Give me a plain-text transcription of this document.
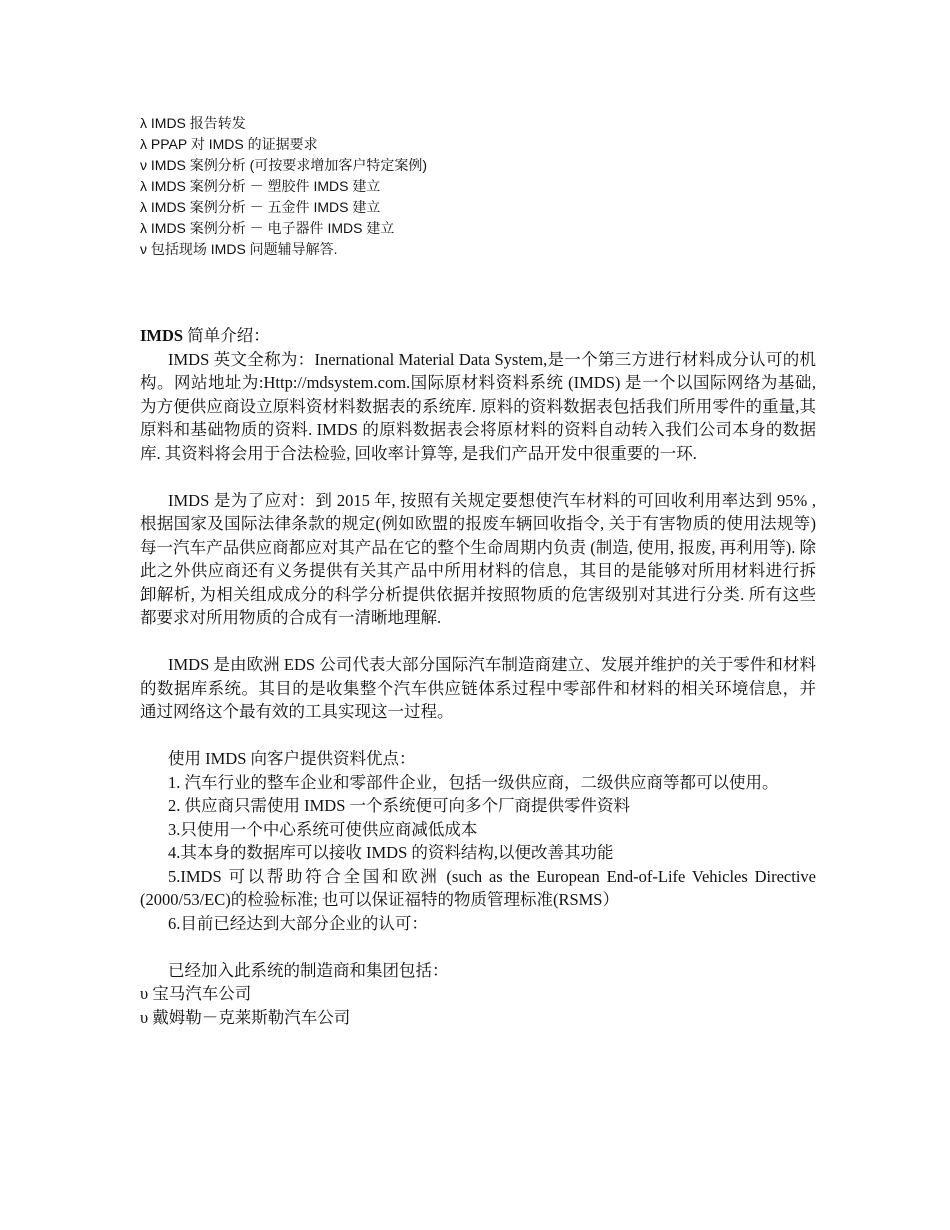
λ IMDS 报告转发
λ PPAP 对 IMDS 的证据要求
ν IMDS 案例分析 (可按要求增加客户特定案例)
λ IMDS 案例分析 － 塑胶件 IMDS 建立
λ IMDS 案例分析 － 五金件 IMDS 建立
λ IMDS 案例分析 － 电子器件 IMDS 建立
ν 包括现场 IMDS 问题辅导解答.

IMDS 简单介绍：

IMDS 英文全称为：Inernational Material Data System,是一个第三方进行材料成分认可的机构。网站地址为:Http://mdsystem.com.国际原材料资料系统 (IMDS) 是一个以国际网络为基础, 为方便供应商设立原料资材料数据表的系统库. 原料的资料数据表包括我们所用零件的重量,其原料和基础物质的资料. IMDS 的原料数据表会将原材料的资料自动转入我们公司本身的数据库. 其资料将会用于合法检验, 回收率计算等, 是我们产品开发中很重要的一环.

IMDS 是为了应对：到 2015 年, 按照有关规定要想使汽车材料的可回收利用率达到 95% ,根据国家及国际法律条款的规定(例如欧盟的报废车辆回收指令, 关于有害物质的使用法规等) 每一汽车产品供应商都应对其产品在它的整个生命周期内负责 (制造, 使用, 报废, 再利用等). 除此之外供应商还有义务提供有关其产品中所用材料的信息，其目的是能够对所用材料进行拆卸解析, 为相关组成成分的科学分析提供依据并按照物质的危害级别对其进行分类. 所有这些都要求对所用物质的合成有一清晰地理解.

IMDS 是由欧洲 EDS 公司代表大部分国际汽车制造商建立、发展并维护的关于零件和材料的数据库系统。其目的是收集整个汽车供应链体系过程中零部件和材料的相关环境信息，并通过网络这个最有效的工具实现这一过程。

使用 IMDS 向客户提供资料优点：

1. 汽车行业的整车企业和零部件企业，包括一级供应商，二级供应商等都可以使用。

2. 供应商只需使用 IMDS 一个系统便可向多个厂商提供零件资料

3.只使用一个中心系统可使供应商减低成本

4.其本身的数据库可以接收 IMDS 的资料结构,以便改善其功能

5.IMDS 可以帮助符合全国和欧洲 (such as the European End-of-Life Vehicles Directive (2000/53/EC)的检验标准; 也可以保证福特的物质管理标准(RSMS）

6.目前已经达到大部分企业的认可：

已经加入此系统的制造商和集团包括：

υ 宝马汽车公司

υ 戴姆勒－克莱斯勒汽车公司
